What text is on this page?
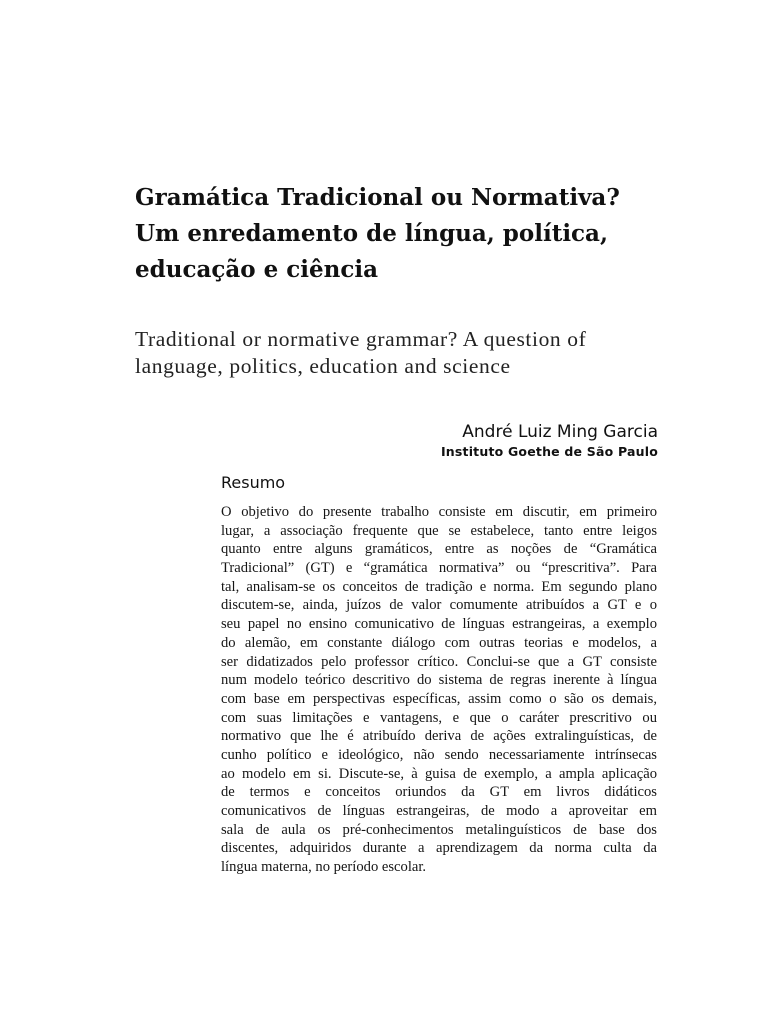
Gramática Tradicional ou Normativa?
Um enredamento de língua, política,
educação e ciência
Traditional or normative grammar? A question of
language, politics, education and science
André Luiz Ming Garcia
Instituto Goethe de São Paulo
Resumo

O objetivo do presente trabalho consiste em discutir, em primeiro
lugar, a associação frequente que se estabelece, tanto entre leigos
quanto entre alguns gramáticos, entre as noções de “Gramática
Tradicional” (GT) e “gramática normativa” ou “prescritiva”. Para
tal, analisam-se os conceitos de tradição e norma. Em segundo plano
discutem-se, ainda, juízos de valor comumente atribuídos a GT e o
seu papel no ensino comunicativo de línguas estrangeiras, a exemplo
do alemão, em constante diálogo com outras teorias e modelos, a
ser didatizados pelo professor crítico. Conclui-se que a GT consiste
num modelo teórico descritivo do sistema de regras inerente à língua
com base em perspectivas específicas, assim como o são os demais,
com suas limitações e vantagens, e que o caráter prescritivo ou
normativo que lhe é atribuído deriva de ações extralinguísticas, de
cunho político e ideológico, não sendo necessariamente intrínsecas
ao modelo em si. Discute-se, à guisa de exemplo, a ampla aplicação
de termos e conceitos oriundos da GT em livros didáticos
comunicativos de línguas estrangeiras, de modo a aproveitar em
sala de aula os pré-conhecimentos metalinguísticos de base dos
discentes, adquiridos durante a aprendizagem da norma culta da
língua materna, no período escolar.
